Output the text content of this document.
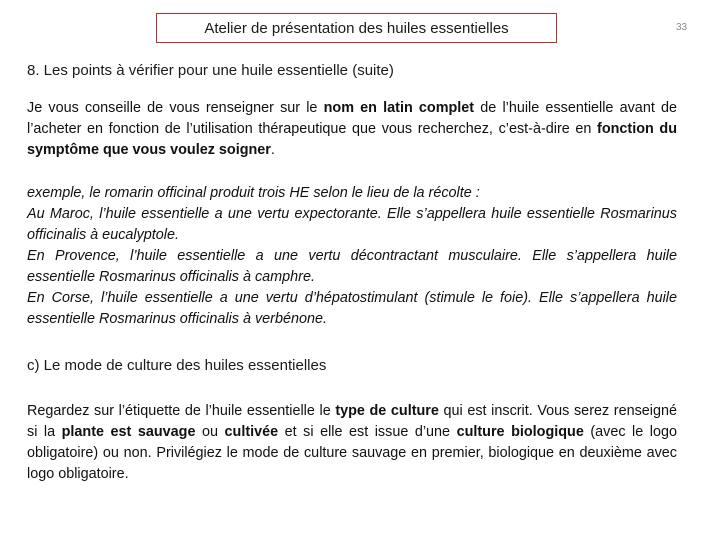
Atelier de présentation des huiles essentielles	33
8. Les points à vérifier pour une huile essentielle (suite)

Je vous conseille de vous renseigner sur le nom en latin complet de l’huile essentielle avant de l’acheter en fonction de l’utilisation thérapeutique que vous recherchez, c’est-à-dire en fonction du symptôme que vous voulez soigner.

exemple, le romarin officinal produit trois HE selon le lieu de la récolte :
Au Maroc, l’huile essentielle a une vertu expectorante. Elle s’appellera huile essentielle Rosmarinus officinalis à eucalyptole.
En Provence, l’huile essentielle a une vertu décontractant musculaire. Elle s’appellera huile essentielle Rosmarinus officinalis à camphre.
En Corse, l’huile essentielle a une vertu d’hépatostimulant (stimule le foie). Elle s’appellera huile essentielle Rosmarinus officinalis à verbénone.

c) Le mode de culture des huiles essentielles

Regardez sur l’étiquette de l’huile essentielle le type de culture qui est inscrit. Vous serez renseigné si la plante est sauvage ou cultivée et si elle est issue d’une culture biologique (avec le logo obligatoire) ou non. Privilégiez le mode de culture sauvage en premier, biologique en deuxième avec logo obligatoire.
